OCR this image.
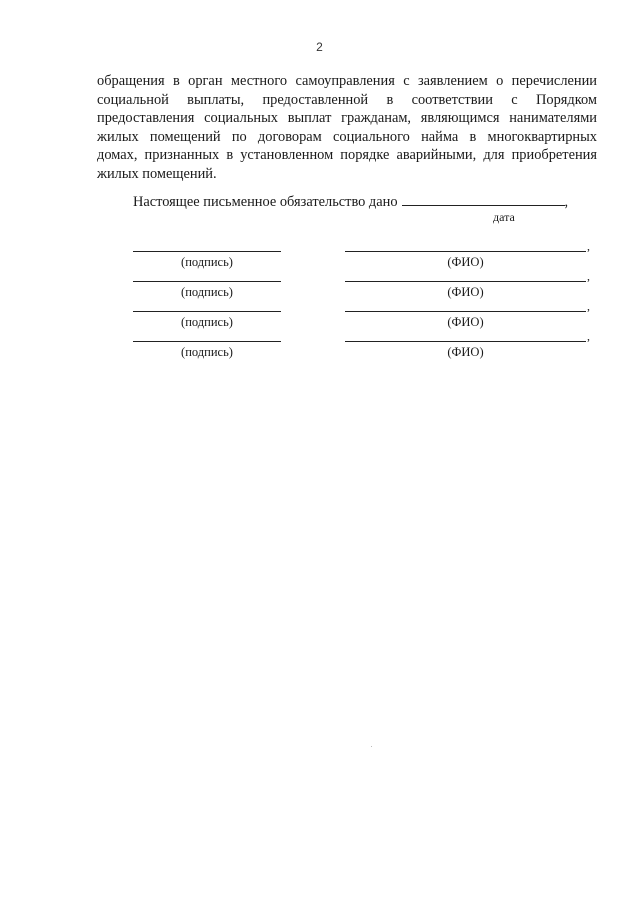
2
обращения в орган местного самоуправления с заявлением о перечислении
социальной выплаты, предоставленной в соответствии с Порядком
предоставления социальных выплат гражданам, являющимся нанимателями
жилых помещений по договорам социального найма в многоквартирных
домах, признанных в установленном порядке аварийными, для приобретения
жилых помещений.
Настоящее письменное обязательство дано	,
дата
(подпись)
,
(ФИО)
(подпись)
,
(ФИО)
(подпись)
,
(ФИО)
(подпись)
,
(ФИО)
